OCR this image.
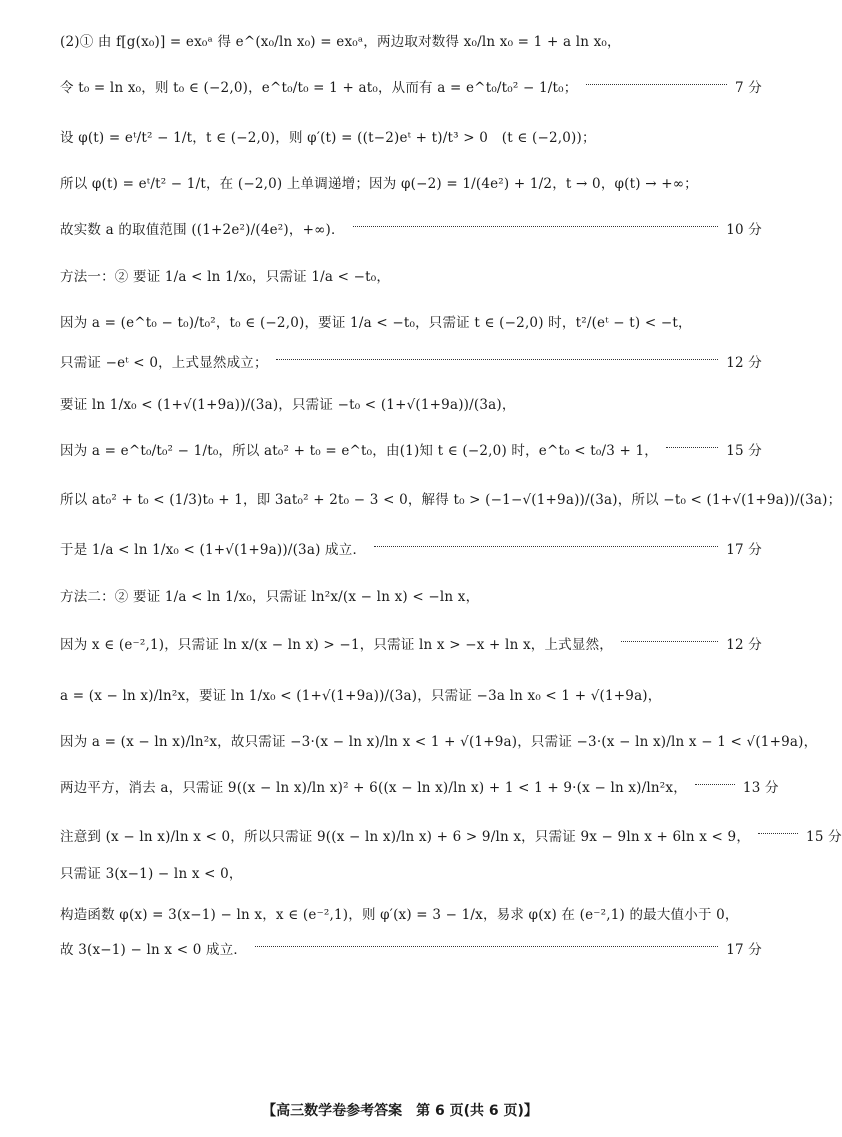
(2)① 由 f[g(x₀)] = ex₀ᵃ 得 e^(x₀/ln x₀) = ex₀ᵃ，两边取对数得 x₀/ln x₀ = 1 + a ln x₀，
令 t₀ = ln x₀，则 t₀ ∈ (−2,0)，e^t₀/t₀ = 1 + at₀，从而有 a = e^t₀/t₀² − 1/t₀；	7 分
设 φ(t) = eᵗ/t² − 1/t，t ∈ (−2,0)，则 φ′(t) = ((t−2)eᵗ + t)/t³ > 0　(t ∈ (−2,0))；
所以 φ(t) = eᵗ/t² − 1/t，在 (−2,0) 上单调递增；因为 φ(−2) = 1/(4e²) + 1/2，t → 0，φ(t) → +∞；
故实数 a 的取值范围 ((1+2e²)/(4e²)，+∞)．	10 分
方法一：② 要证 1/a < ln 1/x₀，只需证 1/a < −t₀，
因为 a = (e^t₀ − t₀)/t₀²，t₀ ∈ (−2,0)，要证 1/a < −t₀，只需证 t ∈ (−2,0) 时，t²/(eᵗ − t) < −t，
只需证 −eᵗ < 0，上式显然成立；	12 分
要证 ln 1/x₀ < (1+√(1+9a))/(3a)，只需证 −t₀ < (1+√(1+9a))/(3a)，
因为 a = e^t₀/t₀² − 1/t₀，所以 at₀² + t₀ = e^t₀，由(1)知 t ∈ (−2,0) 时，e^t₀ < t₀/3 + 1，	15 分
所以 at₀² + t₀ < (1/3)t₀ + 1，即 3at₀² + 2t₀ − 3 < 0，解得 t₀ > (−1−√(1+9a))/(3a)，所以 −t₀ < (1+√(1+9a))/(3a)；
于是 1/a < ln 1/x₀ < (1+√(1+9a))/(3a) 成立．	17 分
方法二：② 要证 1/a < ln 1/x₀，只需证 ln²x/(x − ln x) < −ln x，
因为 x ∈ (e⁻²,1)，只需证 ln x/(x − ln x) > −1，只需证 ln x > −x + ln x，上式显然，	12 分
a = (x − ln x)/ln²x，要证 ln 1/x₀ < (1+√(1+9a))/(3a)，只需证 −3a ln x₀ < 1 + √(1+9a)，
因为 a = (x − ln x)/ln²x，故只需证 −3·(x − ln x)/ln x < 1 + √(1+9a)，只需证 −3·(x − ln x)/ln x − 1 < √(1+9a)，
两边平方，消去 a，只需证 9((x − ln x)/ln x)² + 6((x − ln x)/ln x) + 1 < 1 + 9·(x − ln x)/ln²x，	13 分
注意到 (x − ln x)/ln x < 0，所以只需证 9((x − ln x)/ln x) + 6 > 9/ln x，只需证 9x − 9ln x + 6ln x < 9，	15 分
只需证 3(x−1) − ln x < 0，
构造函数 φ(x) = 3(x−1) − ln x，x ∈ (e⁻²,1)，则 φ′(x) = 3 − 1/x，易求 φ(x) 在 (e⁻²,1) 的最大值小于 0，
故 3(x−1) − ln x < 0 成立．	17 分
【高三数学卷参考答案　第 6 页(共 6 页)】
